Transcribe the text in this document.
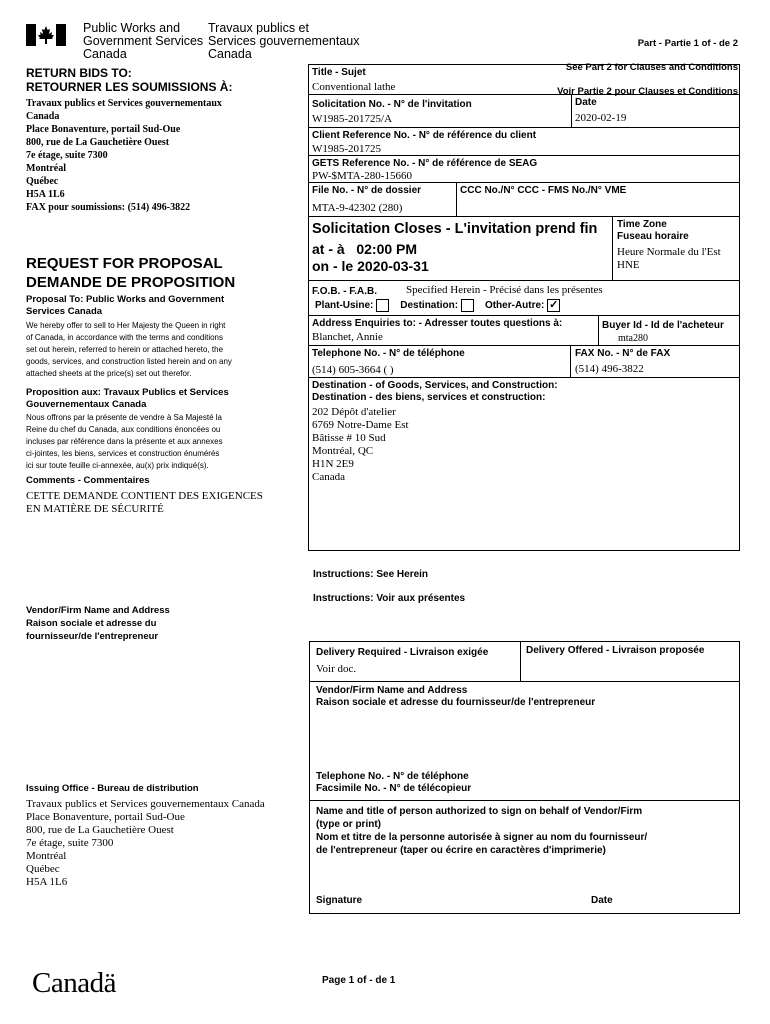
Public Works and
Government Services
Canada
Travaux publics et
Services gouvernementaux
Canada

Part - Partie 1 of - de 2

See Part 2 for Clauses and Conditions

Voir Partie 2 pour Clauses et Conditions

RETURN BIDS TO:
RETOURNER LES SOUMISSIONS À:
Travaux publics et Services gouvernementaux
Canada
Place Bonaventure, portail Sud-Oue
800, rue de La Gauchetière Ouest
7e étage, suite 7300
Montréal
Québec
H5A 1L6
FAX pour soumissions: (514) 496-3822
REQUEST FOR PROPOSAL
DEMANDE DE PROPOSITION
Proposal To: Public Works and Government
Services Canada
We hereby offer to sell to Her Majesty the Queen in right
of Canada, in accordance with the terms and conditions
set out herein, referred to herein or attached hereto, the
goods, services, and construction listed herein and on any
attached sheets at the price(s) set out therefor.
Proposition aux: Travaux Publics et Services
Gouvernementaux Canada
Nous offrons par la présente de vendre à Sa Majesté la
Reine du chef du Canada, aux conditions énoncées ou
incluses par référence dans la présente et aux annexes
ci-jointes, les biens, services et construction énumérés
ici sur toute feuille ci-annexée, au(x) prix indiqué(s).
Comments - Commentaires
CETTE DEMANDE CONTIENT DES EXIGENCES
EN MATIÈRE DE SÉCURITÉ
Vendor/Firm Name and Address
Raison sociale et adresse du
fournisseur/de l'entrepreneur
Issuing Office - Bureau de distribution
Travaux publics et Services gouvernementaux Canada
Place Bonaventure, portail Sud-Oue
800, rue de La Gauchetière Ouest
7e étage, suite 7300
Montréal
Québec
H5A 1L6
Title - Sujet
Conventional lathe
Solicitation No. - N° de l'invitation
W1985-201725/A
Date
2020-02-19
Client Reference No. - N° de référence du client
W1985-201725
GETS Reference No. - N° de référence de SEAG
PW-$MTA-280-15660
File No. - N° de dossier
MTA-9-42302 (280)
CCC No./N° CCC - FMS No./N° VME
Solicitation Closes - L'invitation prend fin
at - à 02:00 PM
on - le 2020-03-31
Time Zone
Fuseau horaire
Heure Normale du l'Est
HNE
F.O.B. - F.A.B.	Specified Herein - Précisé dans les présentes
Plant-Usine:	Destination:	Other-Autre: ✓
Address Enquiries to: - Adresser toutes questions à:
Blanchet, Annie
Buyer Id - Id de l'acheteur
mta280
Telephone No. - N° de téléphone
(514) 605-3664 ( )
FAX No. - N° de FAX
(514) 496-3822
Destination - of Goods, Services, and Construction:
Destination - des biens, services et construction:
202 Dépôt d'atelier
6769 Notre-Dame Est
Bâtisse # 10 Sud
Montréal, QC
H1N 2E9
Canada
Instructions: See Herein
Instructions: Voir aux présentes
Delivery Required - Livraison exigée
Voir doc.
Delivery Offered - Livraison proposée
Vendor/Firm Name and Address
Raison sociale et adresse du fournisseur/de l'entrepreneur
Telephone No. - N° de téléphone
Facsimile No. - N° de télécopieur
Name and title of person authorized to sign on behalf of Vendor/Firm
(type or print)
Nom et titre de la personne autorisée à signer au nom du fournisseur/
de l'entrepreneur (taper ou écrire en caractères d'imprimerie)
Signature	Date
Canadä	Page 1 of - de 1
